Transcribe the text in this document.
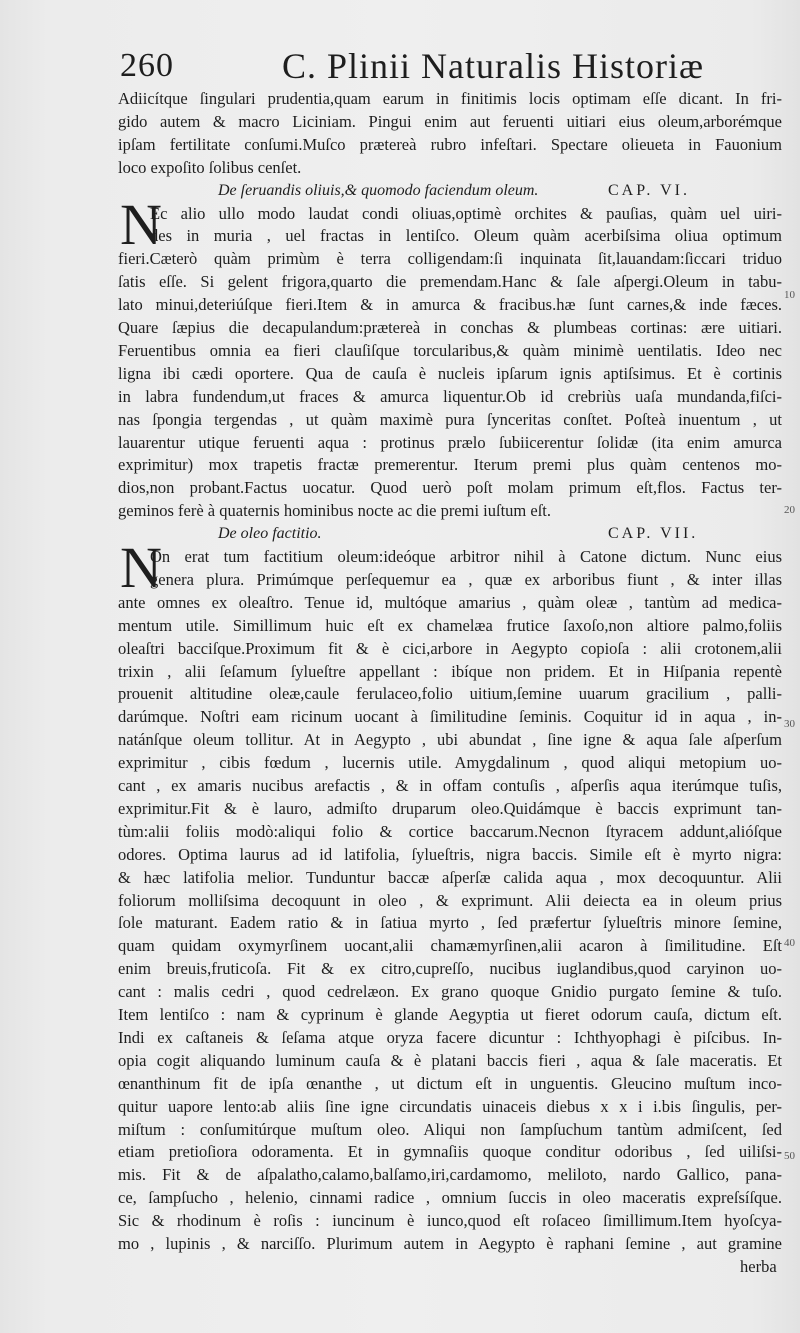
260	C. Plinii Naturalis Historiæ
Adiicítque ſingulari prudentia,quam earum in finitimis locis optimam eſſe dicant. In fri-
gido autem & macro Liciniam. Pingui enim aut feruenti uitiari eius oleum,arborémque
ipſam fertilitate conſumi.Muſco prætereà rubro infeſtari. Spectare olieueta in Fauonium
loco expoſito ſolibus cenſet.
De ſeruandis oliuis,& quomodo faciendum oleum.	CAP. VI.
N
Ec alio ullo modo laudat condi oliuas,optimè orchites & pauſias, quàm uel uiri-
des in muria , uel fractas in lentiſco. Oleum quàm acerbiſsima oliua optimum
fieri.Cæterò quàm primùm è terra colligendam:ſi inquinata ſit,lauandam:ſiccari triduo
ſatis eſſe. Si gelent frigora,quarto die premendam.Hanc & ſale aſpergi.Oleum in tabu-
lato minui,deteriúſque fieri.Item & in amurca & fracibus.hæ ſunt carnes,& inde fæces.
Quare ſæpius die decapulandum:prætereà in conchas & plumbeas cortinas: ære uitiari.
Feruentibus omnia ea fieri clauſiſque torcularibus,& quàm minimè uentilatis. Ideo nec
ligna ibi cædi oportere. Qua de cauſa è nucleis ipſarum ignis aptiſsimus. Et è cortinis
in labra fundendum,ut fraces & amurca liquentur.Ob id crebriùs uaſa mundanda,fiſci-
nas ſpongia tergendas , ut quàm maximè pura ſynceritas conſtet. Poſteà inuentum , ut
lauarentur utique feruenti aqua : protinus prælo ſubiicerentur ſolidæ (ita enim amurca
exprimitur) mox trapetis fractæ premerentur. Iterum premi plus quàm centenos mo-
dios,non probant.Factus uocatur. Quod uerò poſt molam primum eſt,flos. Factus ter-
geminos ferè à quaternis hominibus nocte ac die premi iuſtum eſt.
De oleo factitio.	CAP. VII.
N
On erat tum factitium oleum:ideóque arbitror nihil à Catone dictum. Nunc eius
genera plura. Primúmque perſequemur ea , quæ ex arboribus fiunt , & inter illas
ante omnes ex oleaſtro. Tenue id, multóque amarius , quàm oleæ , tantùm ad medica-
mentum utile. Simillimum huic eſt ex chamelæa frutice ſaxoſo,non altiore palmo,foliis
oleaſtri bacciſque.Proximum fit & è cici,arbore in Aegypto copioſa : alii crotonem,alii
trixin , alii ſeſamum ſylueſtre appellant : ibíque non pridem. Et in Hiſpania repentè
prouenit altitudine oleæ,caule ferulaceo,folio uitium,ſemine uuarum gracilium , palli-
darúmque. Noſtri eam ricinum uocant à ſimilitudine ſeminis. Coquitur id in aqua , in-
natánſque oleum tollitur. At in Aegypto , ubi abundat , ſine igne & aqua ſale aſperſum
exprimitur , cibis fœdum , lucernis utile. Amygdalinum , quod aliqui metopium uo-
cant , ex amaris nucibus arefactis , & in offam contuſis , aſperſis aqua iterúmque tuſis,
exprimitur.Fit & è lauro, admiſto druparum oleo.Quidámque è baccis exprimunt tan-
tùm:alii foliis modò:aliqui folio & cortice baccarum.Necnon ſtyracem addunt,alióſque
odores. Optima laurus ad id latifolia, ſylueſtris, nigra baccis. Simile eſt è myrto nigra:
& hæc latifolia melior. Tunduntur baccæ aſperſæ calida aqua , mox decoquuntur. Alii
foliorum molliſsima decoquunt in oleo , & exprimunt. Alii deiecta ea in oleum prius
ſole maturant. Eadem ratio & in ſatiua myrto , ſed præfertur ſylueſtris minore ſemine,
quam quidam oxymyrſinem uocant,alii chamæmyrſinen,alii acaron à ſimilitudine. Eſt
enim breuis,fruticoſa. Fit & ex citro,cupreſſo, nucibus iuglandibus,quod caryinon uo-
cant : malis cedri , quod cedrelæon. Ex grano quoque Gnidio purgato ſemine & tuſo.
Item lentiſco : nam & cyprinum è glande Aegyptia ut fieret odorum cauſa, dictum eſt.
Indi ex caſtaneis & ſeſama atque oryza facere dicuntur : Ichthyophagi è piſcibus. In-
opia cogit aliquando luminum cauſa & è platani baccis fieri , aqua & ſale maceratis. Et
œnanthinum fit de ipſa œnanthe , ut dictum eſt in unguentis. Gleucino muſtum inco-
quitur uapore lento:ab aliis ſine igne circundatis uinaceis diebus x x i i.bis ſingulis, per-
miſtum : conſumitúrque muſtum oleo. Aliqui non ſampſuchum tantùm admiſcent, ſed
etiam pretioſiora odoramenta. Et in gymnaſiis quoque conditur odoribus , ſed uiliſsi-
mis. Fit & de aſpalatho,calamo,balſamo,iri,cardamomo, meliloto, nardo Gallico, pana-
ce, ſampſucho , helenio, cinnami radice , omnium ſuccis in oleo maceratis expreſsíſque.
Sic & rhodinum è roſis : iuncinum è iunco,quod eſt roſaceo ſimillimum.Item hyoſcya-
mo , lupinis , & narciſſo. Plurimum autem in Aegypto è raphani ſemine , aut gramine
herba
10
20
30
40
50
